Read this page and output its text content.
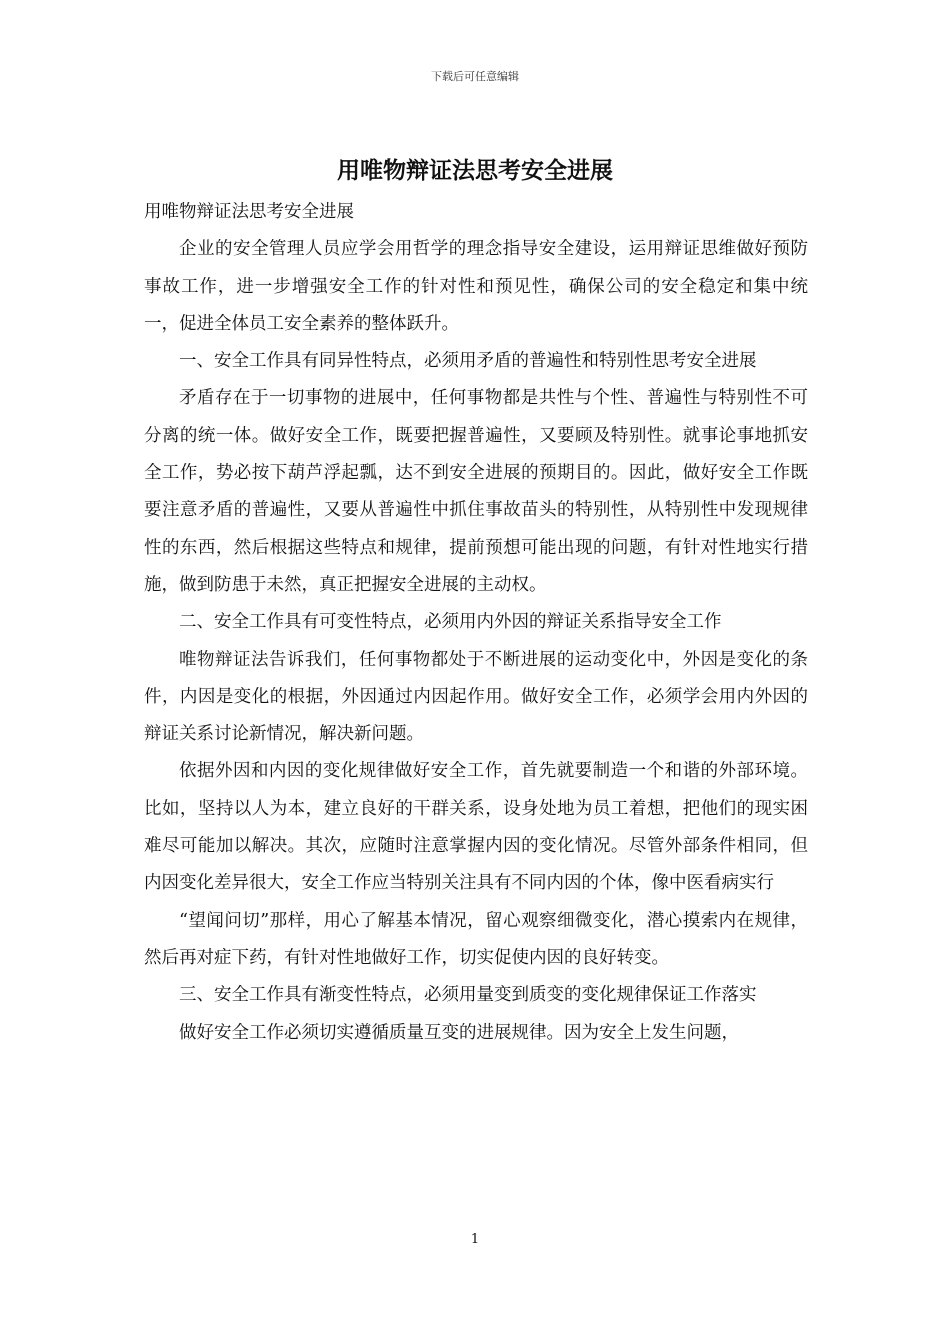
下载后可任意编辑
用唯物辩证法思考安全进展

用唯物辩证法思考安全进展

企业的安全管理人员应学会用哲学的理念指导安全建设，运用辩证思维做好预防事故工作，进一步增强安全工作的针对性和预见性，确保公司的安全稳定和集中统一，促进全体员工安全素养的整体跃升。

一、安全工作具有同异性特点，必须用矛盾的普遍性和特别性思考安全进展

矛盾存在于一切事物的进展中，任何事物都是共性与个性、普遍性与特别性不可分离的统一体。做好安全工作，既要把握普遍性，又要顾及特别性。就事论事地抓安全工作，势必按下葫芦浮起瓢，达不到安全进展的预期目的。因此，做好安全工作既要注意矛盾的普遍性，又要从普遍性中抓住事故苗头的特别性，从特别性中发现规律性的东西，然后根据这些特点和规律，提前预想可能出现的问题，有针对性地实行措施，做到防患于未然，真正把握安全进展的主动权。

二、安全工作具有可变性特点，必须用内外因的辩证关系指导安全工作

唯物辩证法告诉我们，任何事物都处于不断进展的运动变化中，外因是变化的条件，内因是变化的根据，外因通过内因起作用。做好安全工作，必须学会用内外因的辩证关系讨论新情况，解决新问题。

依据外因和内因的变化规律做好安全工作，首先就要制造一个和谐的外部环境。比如，坚持以人为本，建立良好的干群关系，设身处地为员工着想，把他们的现实困难尽可能加以解决。其次，应随时注意掌握内因的变化情况。尽管外部条件相同，但内因变化差异很大，安全工作应当特别关注具有不同内因的个体，像中医看病实行

“望闻问切”那样，用心了解基本情况，留心观察细微变化，潜心摸索内在规律，然后再对症下药，有针对性地做好工作，切实促使内因的良好转变。

三、安全工作具有渐变性特点，必须用量变到质变的变化规律保证工作落实

做好安全工作必须切实遵循质量互变的进展规律。因为安全上发生问题，

1
